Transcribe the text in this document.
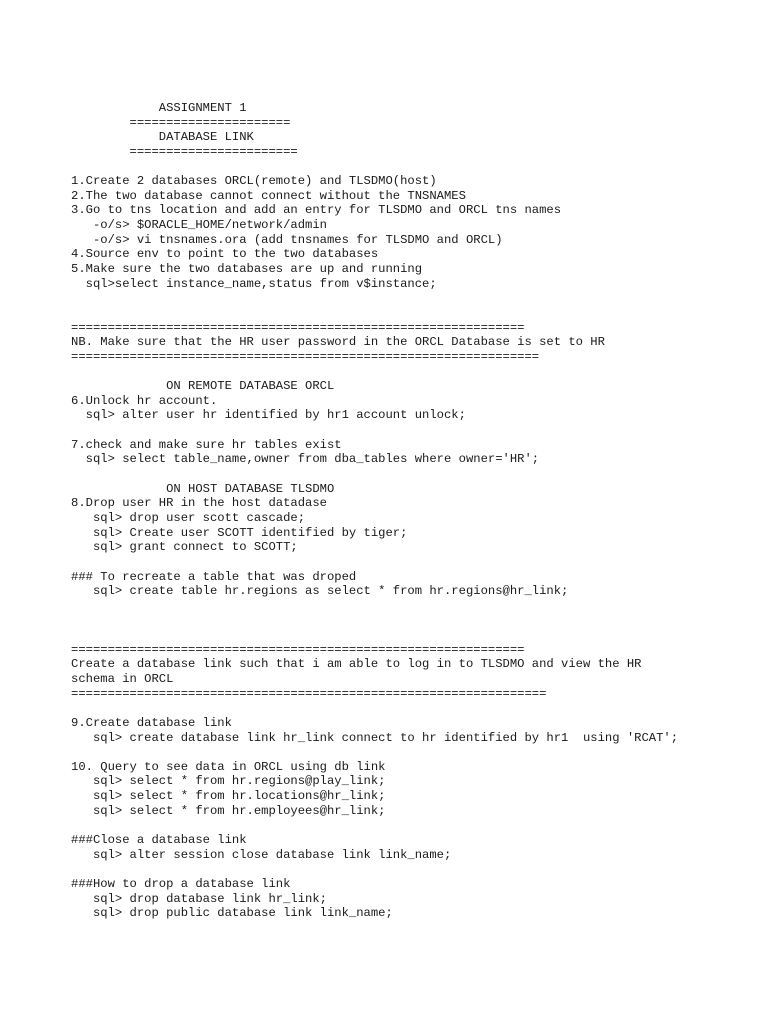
ASSIGNMENT 1
======================
DATABASE LINK
=======================
1.Create 2 databases ORCL(remote) and TLSDMO(host)
2.The two database cannot connect without the TNSNAMES
3.Go to tns location and add an entry for TLSDMO and ORCL tns names
-o/s> $ORACLE_HOME/network/admin
-o/s> vi tnsnames.ora (add tnsnames for TLSDMO and ORCL)
4.Source env to point to the two databases
5.Make sure the two databases are up and running
sql>select instance_name,status from v$instance;
==============================================================
NB. Make sure that the HR user password in the ORCL Database is set to HR
================================================================
ON REMOTE DATABASE ORCL
6.Unlock hr account.
sql> alter user hr identified by hr1 account unlock;
7.check and make sure hr tables exist
sql> select table_name,owner from dba_tables where owner='HR';
ON HOST DATABASE TLSDMO
8.Drop user HR in the host datadase
sql> drop user scott cascade;
sql> Create user SCOTT identified by tiger;
sql> grant connect to SCOTT;
### To recreate a table that was droped
sql> create table hr.regions as select * from hr.regions@hr_link;
==============================================================
Create a database link such that i am able to log in to TLSDMO and view the HR
schema in ORCL
=================================================================
9.Create database link
sql> create database link hr_link connect to hr identified by hr1  using 'RCAT';
10. Query to see data in ORCL using db link
sql> select * from hr.regions@play_link;
sql> select * from hr.locations@hr_link;
sql> select * from hr.employees@hr_link;
###Close a database link
sql> alter session close database link link_name;
###How to drop a database link
sql> drop database link hr_link;
sql> drop public database link link_name;
